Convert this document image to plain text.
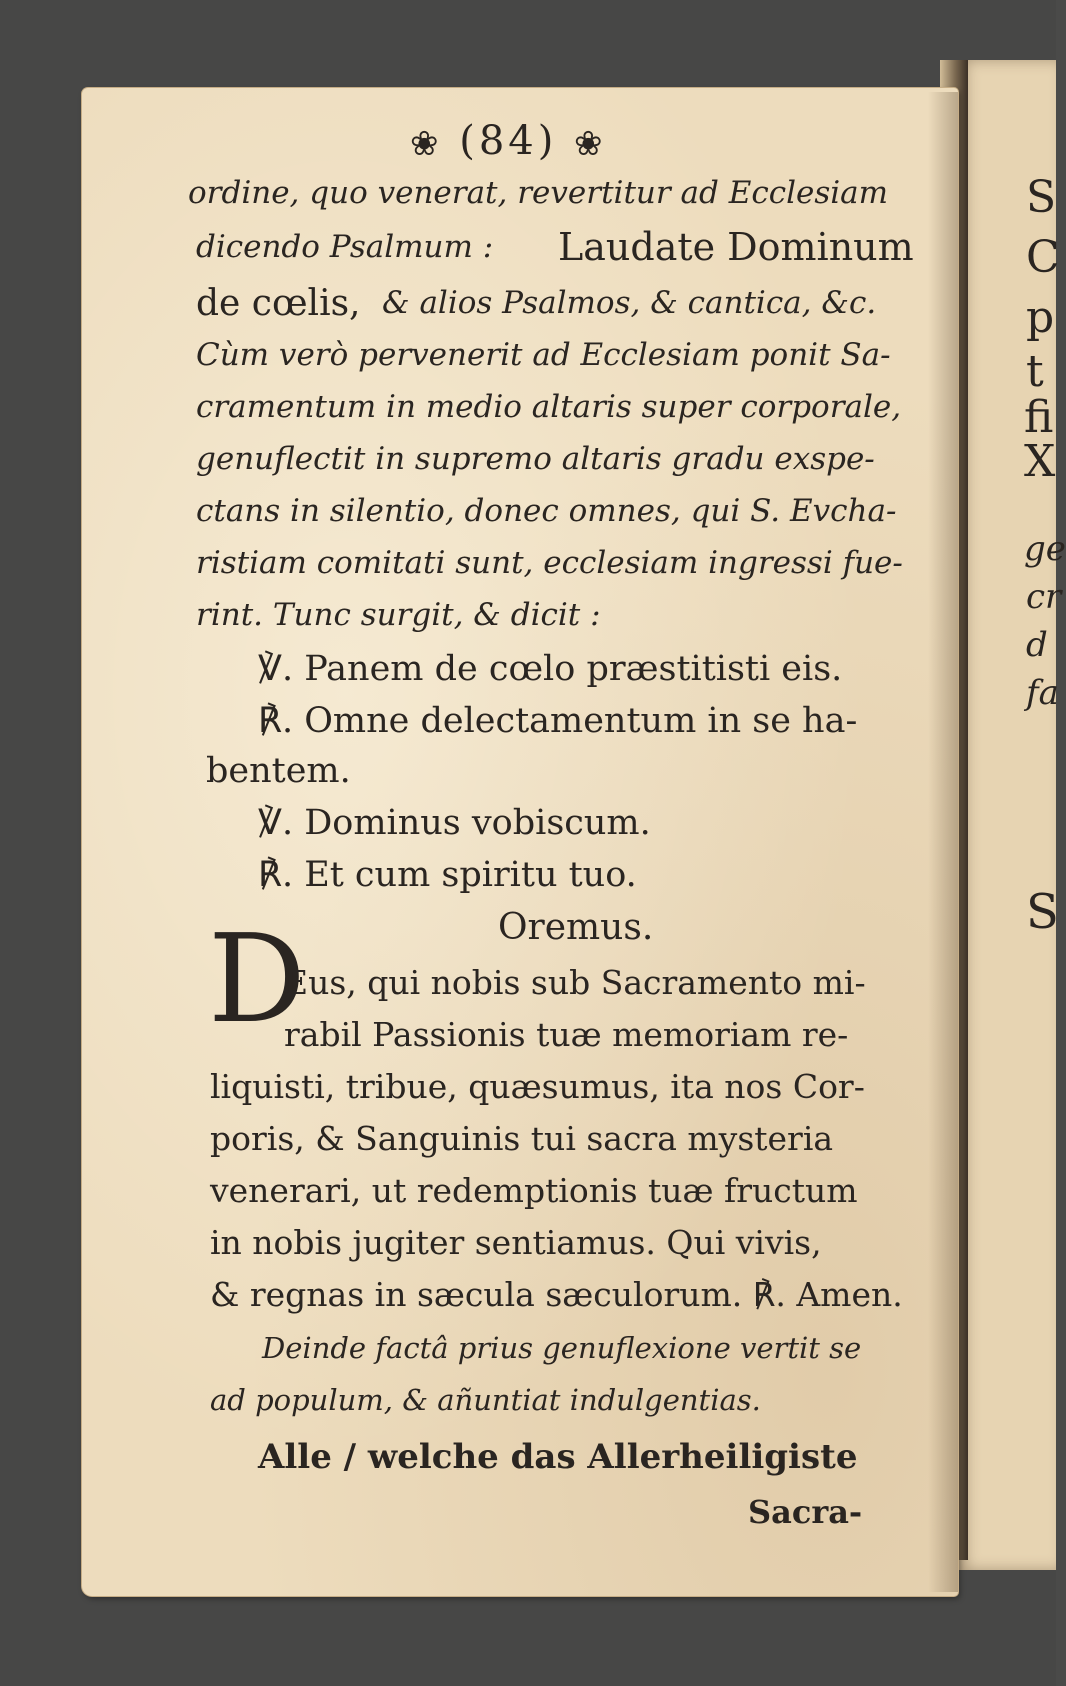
❀ (84) ❀

ordine, quo venerat, revertitur ad Ecclesiam

dicendo Psalmum : Laudate Dominum

de cœlis, & alios Psalmos, & cantica, &c.

Cùm verò pervenerit ad Ecclesiam ponit Sa-

cramentum in medio altaris super corporale,

genuflectit in supremo altaris gradu exspe-

ctans in silentio, donec omnes, qui S. Evcha-

ristiam comitati sunt, ecclesiam ingressi fue-

rint. Tunc surgit, & dicit :

℣. Panem de cœlo præstitisti eis.

℟. Omne delectamentum in se ha-

bentem.

℣. Dominus vobiscum.

℟. Et cum spiritu tuo.

Oremus.

D

Eus, qui nobis sub Sacramento mi-

rabil Passionis tuæ memoriam re-

liquisti, tribue, quæsumus, ita nos Cor-

poris, & Sanguinis tui sacra mysteria

venerari, ut redemptionis tuæ fructum

in nobis jugiter sentiamus. Qui vivis,

& regnas in sæcula sæculorum. ℟. Amen.

Deinde factâ prius genuflexione vertit se

ad populum, & añuntiat indulgentias.

Alle / welche das Allerheiligiste

Sacra-

S

C

p

t

fi

X

ge

cr

d

fa

S
